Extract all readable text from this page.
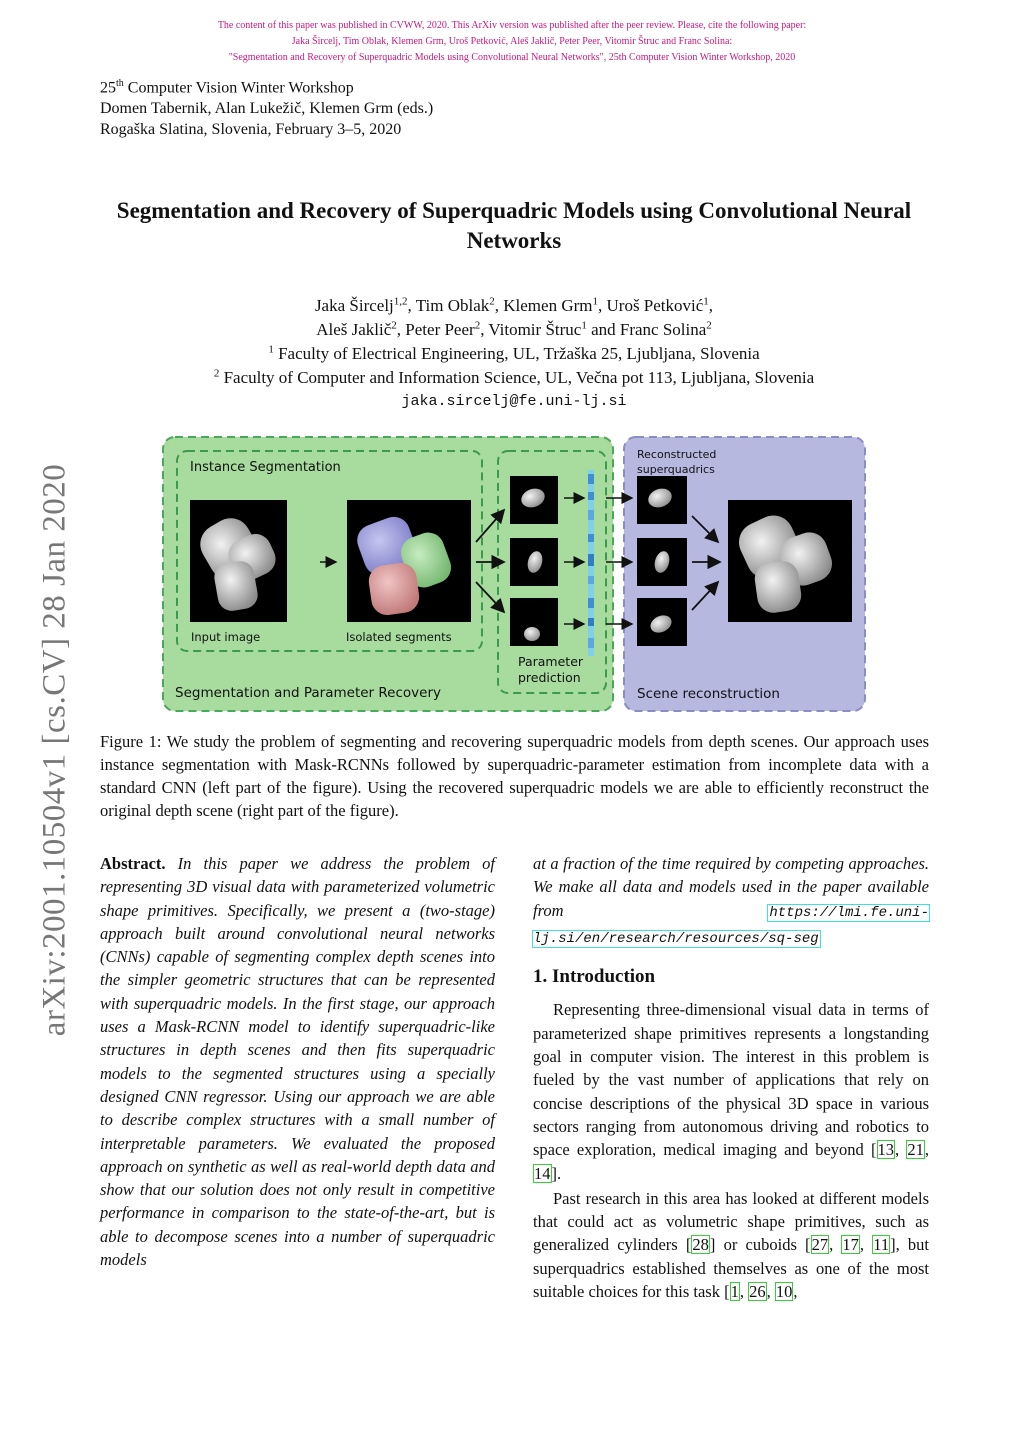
The content of this paper was published in CVWW, 2020. This ArXiv version was published after the peer review. Please, cite the following paper:
Jaka Šircelj, Tim Oblak, Klemen Grm, Uroš Petković, Aleš Jaklič, Peter Peer, Vitomir Štruc and Franc Solina:
"Segmentation and Recovery of Superquadric Models using Convolutional Neural Networks", 25th Computer Vision Winter Workshop, 2020
25th Computer Vision Winter Workshop
Domen Tabernik, Alan Lukežič, Klemen Grm (eds.)
Rogaška Slatina, Slovenia, February 3–5, 2020
arXiv:2001.10504v1 [cs.CV] 28 Jan 2020
Segmentation and Recovery of Superquadric Models using Convolutional Neural Networks
Jaka Šircelj$^{1,2}$, Tim Oblak$^2$, Klemen Grm$^1$, Uroš Petković$^1$,
Aleš Jaklič$^2$, Peter Peer$^2$, Vitomir Štruc$^1$ and Franc Solina$^2$
$^1$ Faculty of Electrical Engineering, UL, Tržaška 25, Ljubljana, Slovenia
$^2$ Faculty of Computer and Information Science, UL, Večna pot 113, Ljubljana, Slovenia
jaka.sircelj@fe.uni-lj.si
Instance Segmentation
Input image	Isolated segments
Segmentation and Parameter Recovery
Parameter
prediction
Reconstructed
superquadrics
Scene reconstruction
Figure 1: We study the problem of segmenting and recovering superquadric models from depth scenes. Our approach uses instance segmentation with Mask-RCNNs followed by superquadric-parameter estimation from incomplete data with a standard CNN (left part of the figure). Using the recovered superquadric models we are able to efficiently reconstruct the original depth scene (right part of the figure).
Abstract. In this paper we address the problem of representing 3D visual data with parameterized volumetric shape primitives. Specifically, we present a (two-stage) approach built around convolutional neural networks (CNNs) capable of segmenting complex depth scenes into the simpler geometric structures that can be represented with superquadric models. In the first stage, our approach uses a Mask-RCNN model to identify superquadric-like structures in depth scenes and then fits superquadric models to the segmented structures using a specially designed CNN regressor. Using our approach we are able to describe complex structures with a small number of interpretable parameters. We evaluated the proposed approach on synthetic as well as real-world depth data and show that our solution does not only result in competitive performance in comparison to the state-of-the-art, but is able to decompose scenes into a number of superquadric models
at a fraction of the time required by competing approaches. We make all data and models used in the paper available from https://lmi.fe.uni-lj.si/en/research/resources/sq-seg
1. Introduction
Representing three-dimensional visual data in terms of parameterized shape primitives represents a longstanding goal in computer vision. The interest in this problem is fueled by the vast number of applications that rely on concise descriptions of the physical 3D space in various sectors ranging from autonomous driving and robotics to space exploration, medical imaging and beyond [13, 21, 14].
Past research in this area has looked at different models that could act as volumetric shape primitives, such as generalized cylinders [28] or cuboids [27, 17, 11], but superquadrics established themselves as one of the most suitable choices for this task [1, 26, 10,
